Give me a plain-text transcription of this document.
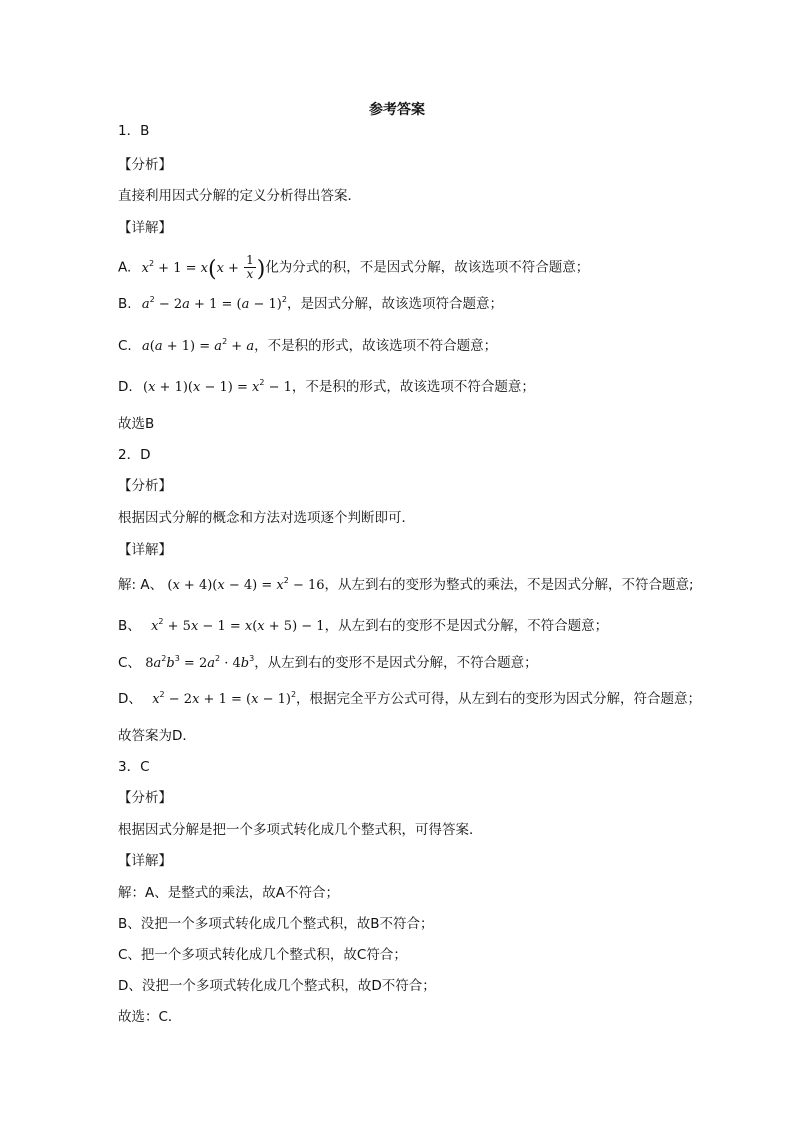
参考答案
1．B
【分析】
直接利用因式分解的定义分析得出答案．
【详解】
A. $x^2 + 1 = x(x + \frac{1}{x}$ )化为分式的积，不是因式分解，故该选项不符合题意；
B. $a^2 - 2a + 1 = (a - 1)^2$，是因式分解，故该选项符合题意；
C. $a(a + 1) = a^2 + a$，不是积的形式，故该选项不符合题意；
D. $(x + 1)(x - 1) = x^2 - 1$，不是积的形式，故该选项不符合题意；
故选B
2．D
【分析】
根据因式分解的概念和方法对选项逐个判断即可．
【详解】
解: A、 $(x + 4)(x - 4) = x^2 - 16$，从左到右的变形为整式的乘法，不是因式分解，不符合题意;
B、 $x^2 + 5x - 1 = x(x + 5) - 1$，从左到右的变形不是因式分解，不符合题意；
C、 $8a^2b^3 = 2a^2 \cdot 4b^3$，从左到右的变形不是因式分解，不符合题意；
D、 $x^2 - 2x + 1 = (x - 1)^2$，根据完全平方公式可得，从左到右的变形为因式分解，符合题意；
故答案为D．
3．C
【分析】
根据因式分解是把一个多项式转化成几个整式积，可得答案．
【详解】
解：A、是整式的乘法，故A不符合；
B、没把一个多项式转化成几个整式积，故B不符合；
C、把一个多项式转化成几个整式积，故C符合；
D、没把一个多项式转化成几个整式积，故D不符合；
故选：C．
